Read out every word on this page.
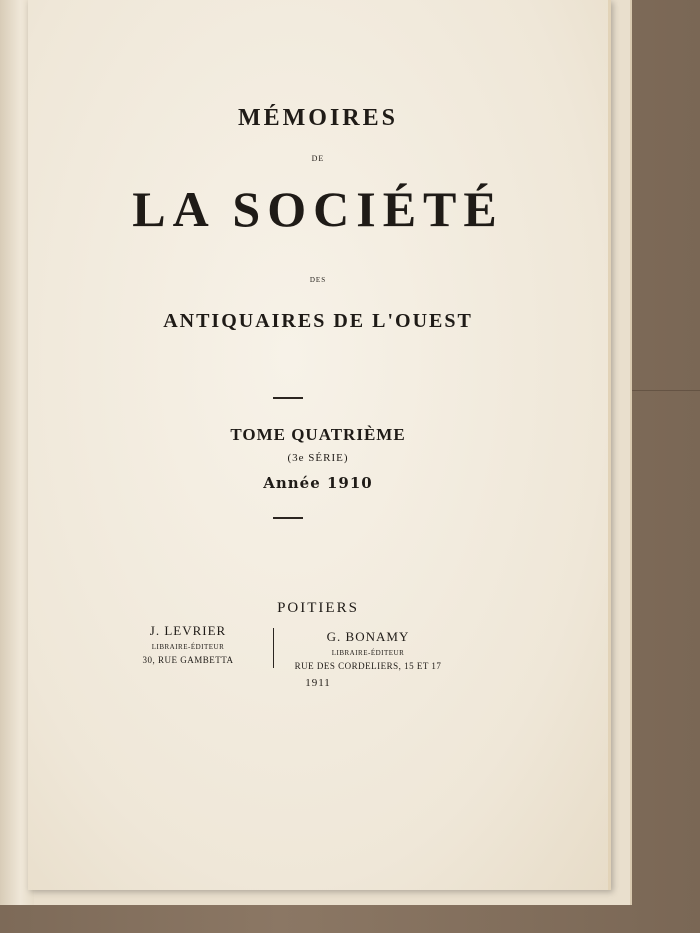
MÉMOIRES
DE
LA SOCIÉTÉ
DES
ANTIQUAIRES DE L'OUEST
TOME QUATRIÈME
(3e SÉRIE)
Année 1910
POITIERS
J. LEVRIER
LIBRAIRE-ÉDITEUR
30, RUE GAMBETTA
G. BONAMY
LIBRAIRE-ÉDITEUR
RUE DES CORDELIERS, 15 ET 17
1911
